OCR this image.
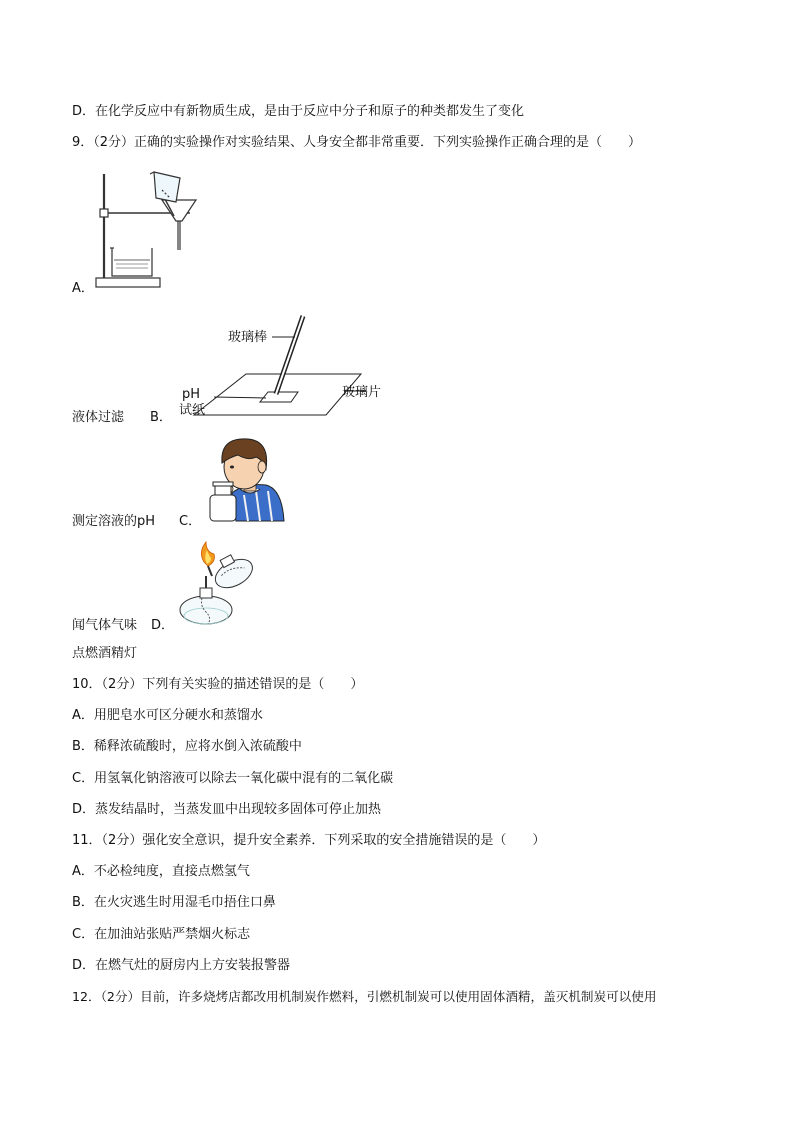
D．在化学反应中有新物质生成，是由于反应中分子和原子的种类都发生了变化
9．（2分）正确的实验操作对实验结果、人身安全都非常重要．下列实验操作正确合理的是（　　）
A．
玻璃棒
玻璃片
pH
试纸
液体过滤 B．
测定溶液的pH C．
闻气体气味 D．
点燃酒精灯
10．（2分）下列有关实验的描述错误的是（　　）
A．用肥皂水可区分硬水和蒸馏水
B．稀释浓硫酸时，应将水倒入浓硫酸中
C．用氢氧化钠溶液可以除去一氧化碳中混有的二氧化碳
D．蒸发结晶时，当蒸发皿中出现较多固体可停止加热
11．（2分）强化安全意识，提升安全素养．下列采取的安全措施错误的是（　　）
A．不必检纯度，直接点燃氢气
B．在火灾逃生时用湿毛巾捂住口鼻
C．在加油站张贴严禁烟火标志
D．在燃气灶的厨房内上方安装报警器
12．（2分）目前，许多烧烤店都改用机制炭作燃料，引燃机制炭可以使用固体酒精，盖灭机制炭可以使用
